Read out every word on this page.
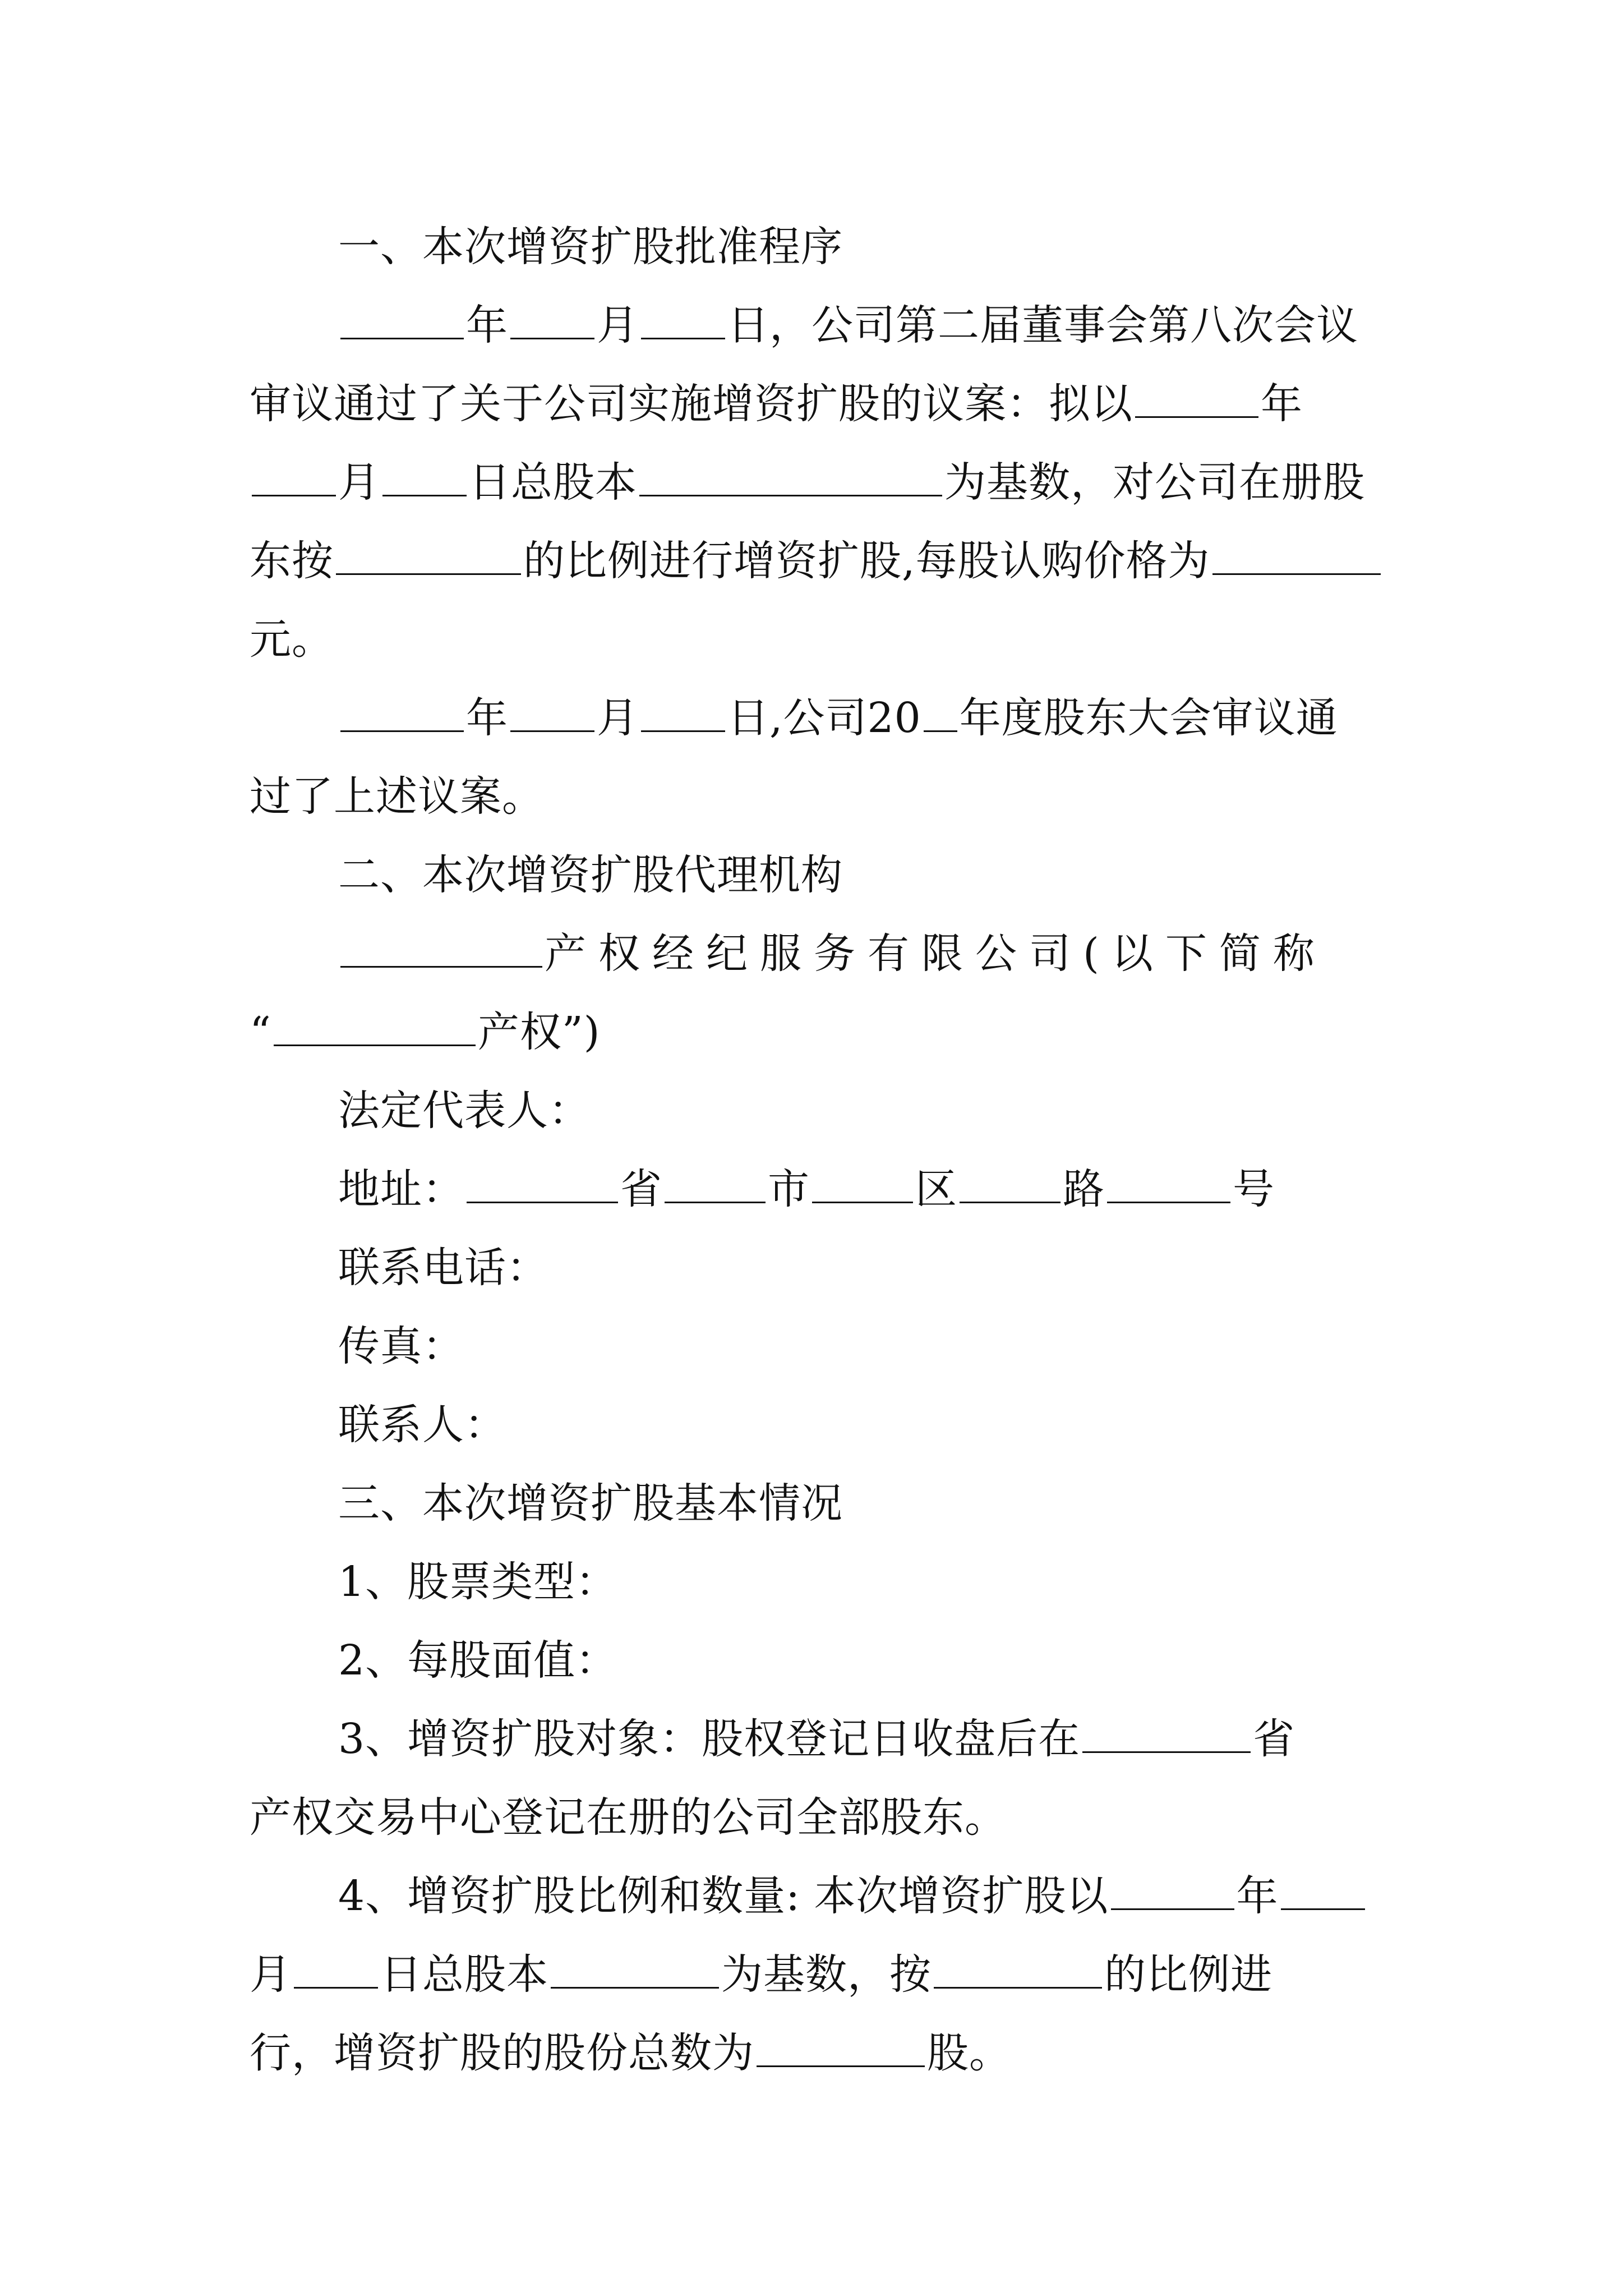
一、本次增资扩股批准程序
年 月 日，公司第二届董事会第八次会议
审议通过了关于公司实施增资扩股的议案：拟以	年
月 日总股本	为基数，对公司在册股
东按	的比例进行增资扩股,每股认购价格为
元。
年 月 日,公司20 年度股东大会审议通
过了上述议案。
二、本次增资扩股代理机构
产权经纪服务有限公司(以下简称
“	产权”)
法定代表人：
地址：	省	市	区	路	号
联系电话：
传真：
联系人：
三、本次增资扩股基本情况
1、股票类型：
2、每股面值：
3、增资扩股对象：股权登记日收盘后在	省
产权交易中心登记在册的公司全部股东。
4、增资扩股比例和数量: 本次增资扩股以	年
月 日总股本	为基数，按	的比例进
行，增资扩股的股份总数为	股。
